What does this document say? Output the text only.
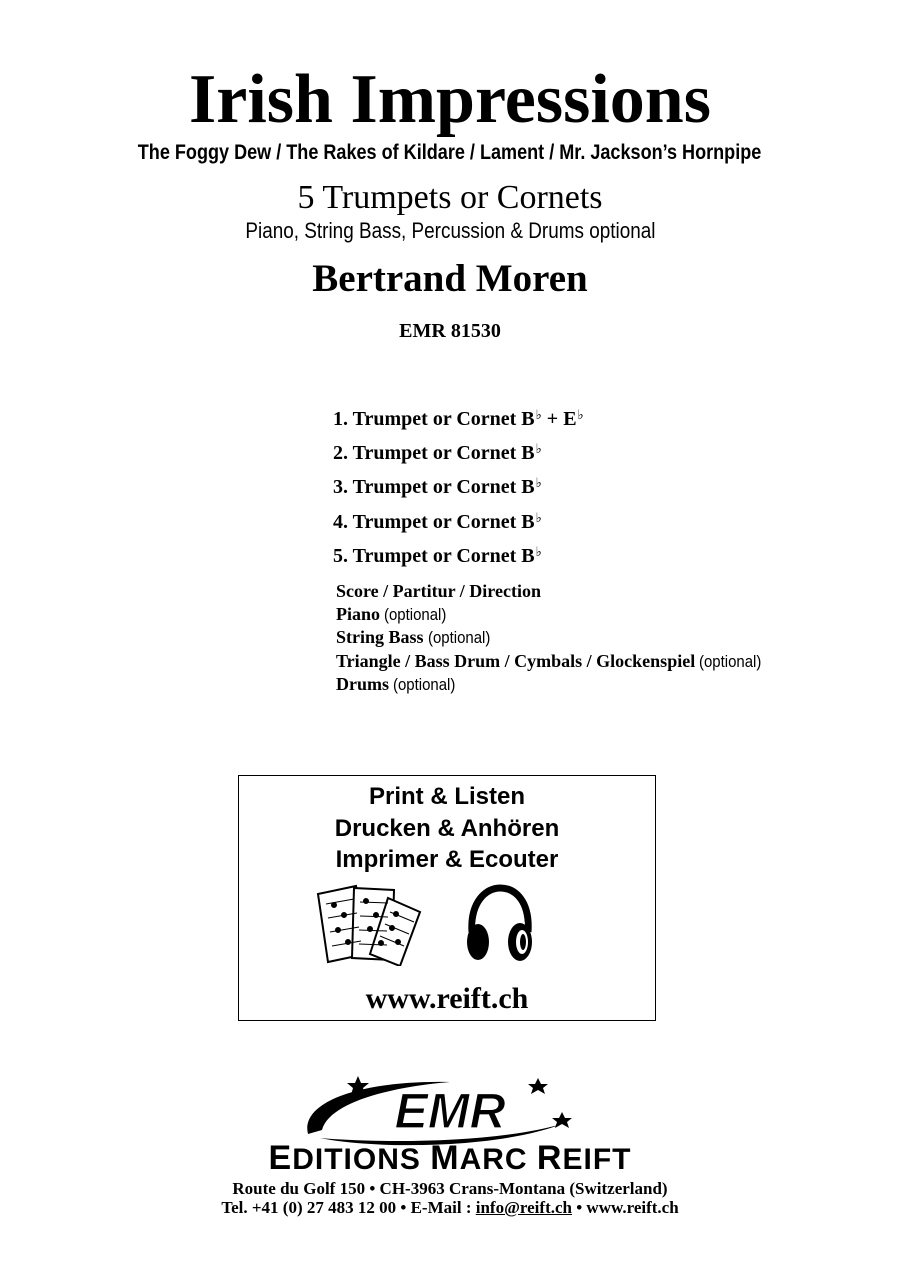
Irish Impressions
The Foggy Dew / The Rakes of Kildare / Lament / Mr. Jackson’s Hornpipe
5 Trumpets or Cornets
Piano, String Bass, Percussion & Drums optional
Bertrand Moren
EMR 81530
1. Trumpet or Cornet B♭ + E♭
2. Trumpet or Cornet B♭
3. Trumpet or Cornet B♭
4. Trumpet or Cornet B♭
5. Trumpet or Cornet B♭
Score / Partitur / Direction
Piano (optional)
String Bass (optional)
Triangle / Bass Drum / Cymbals / Glockenspiel (optional)
Drums (optional)
Print & Listen
Drucken & Anhören
Imprimer & Ecouter
www.reift.ch
EMR
EDITIONS MARC REIFT
Route du Golf 150 • CH-3963 Crans-Montana (Switzerland)
Tel. +41 (0) 27 483 12 00 • E-Mail : info@reift.ch • www.reift.ch
